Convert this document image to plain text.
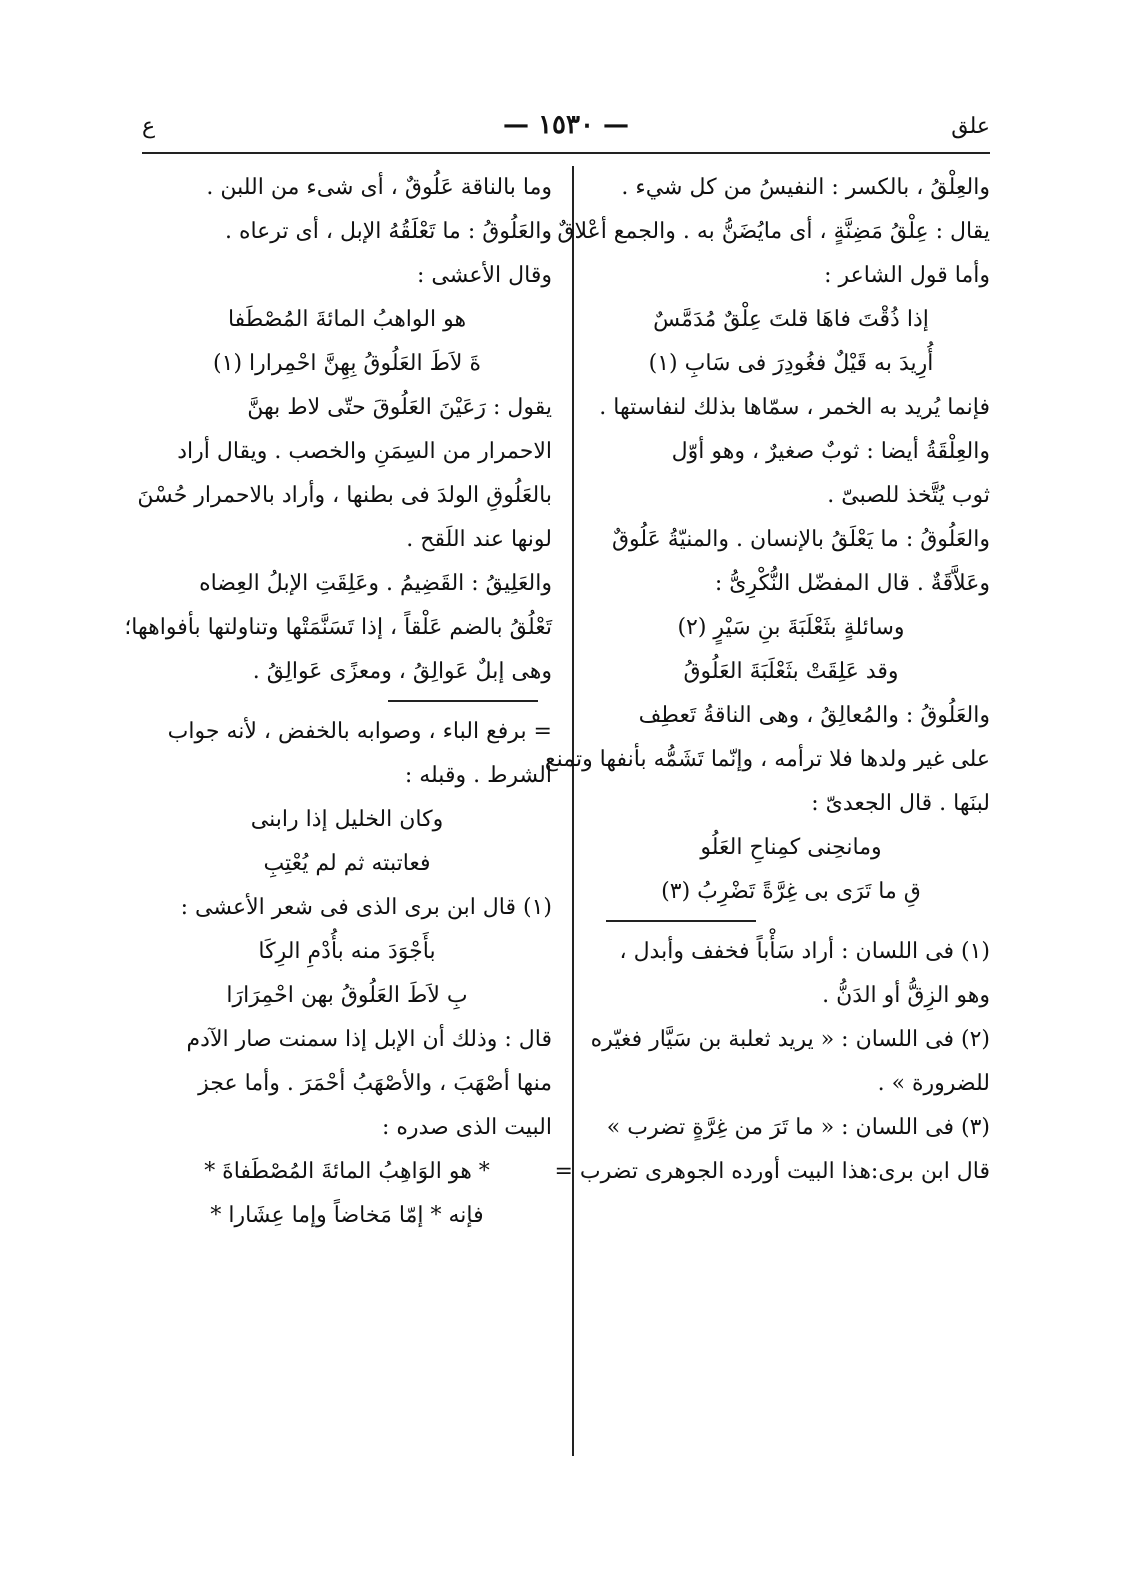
علق
— ١٥٣٠ —
ع
والعِلْقُ ، بالكسر : النفيسُ من كل شيء .
يقال : عِلْقُ مَضِنَّةٍ ، أى مايُضَنُّ به . والجمع أعْلاقٌ .
وأما قول الشاعر :
إذا ذُقْتَ فاهَا قلتَ عِلْقٌ مُدَمَّسٌ
أُرِيدَ به قَيْلٌ فغُودِرَ فى سَابِ (١)
فإنما يُريد به الخمر ، سمّاها بذلك لنفاستها .
والعِلْقَةُ أيضا : ثوبٌ صغيرٌ ، وهو أوّل
ثوب يُتَّخذ للصبىّ .
والعَلُوقُ : ما يَعْلَقُ بالإنسان . والمنيّةُ عَلُوقٌ
وعَلاَّقَةٌ . قال المفضّل النُّكْرِىُّ :
وسائلةٍ بثَعْلَبَةَ بنِ سَيْرٍ (٢)
وقد عَلِقَتْ بثَعْلَبَةَ العَلُوقُ
والعَلُوقُ : والمُعالِقُ ، وهى الناقةُ تَعطِف
على غير ولدها فلا ترأمه ، وإنّما تَشَمُّه بأنفها وتمنع
لبنَها . قال الجعدىّ :
ومانحِنى كمِناحِ العَلُو
قِ ما تَرَى بى غِرَّةً تَضْرِبُ (٣)
(١) فى اللسان : أراد سَأْباً فخفف وأبدل ،
وهو الزِقُّ أو الدَنُّ .
(٢) فى اللسان : « يريد ثعلبة بن سَيَّار فغيّره
للضرورة » .
(٣) فى اللسان : « ما تَرَ من غِرَّةٍ تضرب »
قال ابن برى:هذا البيت أورده الجوهرى تضرب =
وما بالناقة عَلُوقٌ ، أى شىء من اللبن .
والعَلُوقُ : ما تَعْلَقُهُ الإبل ، أى ترعاه .
وقال الأعشى :
هو الواهبُ المائةَ المُصْطَفا
ةَ لاَطَ العَلُوقُ بِهِنَّ احْمِرارا (١)
يقول : رَعَيْنَ العَلُوقَ حتّى لاط بهنَّ
الاحمرار من السِمَنِ والخصب . ويقال أراد
بالعَلُوقِ الولدَ فى بطنها ، وأراد بالاحمرار حُسْنَ
لونها عند اللَقح .
والعَلِيقُ : القَضِيمُ . وعَلِقَتِ الإبلُ العِضاه
تَعْلُقُ بالضم عَلْقاً ، إذا تَسَنَّمَتْها وتناولتها بأفواهها؛
وهى إبلٌ عَوالِقُ ، ومعزًى عَوالِقُ .
= برفع الباء ، وصوابه بالخفض ، لأنه جواب
الشرط . وقبله :
وكان الخليل إذا رابنى
فعاتبته ثم لم يُعْتِبِ
(١) قال ابن برى الذى فى شعر الأعشى :
بأَجْوَدَ منه بأُدْمِ الرِكَا
بِ لاَطَ العَلُوقُ بهن احْمِرَارَا
قال : وذلك أن الإبل إذا سمنت صار الآدم
منها أصْهَبَ ، والأصْهَبُ أحْمَرَ . وأما عجز
البيت الذى صدره :
* هو الوَاهِبُ المائةَ المُصْطَفاةَ *
فإنه * إمّا مَخاضاً وإما عِشَارا *
